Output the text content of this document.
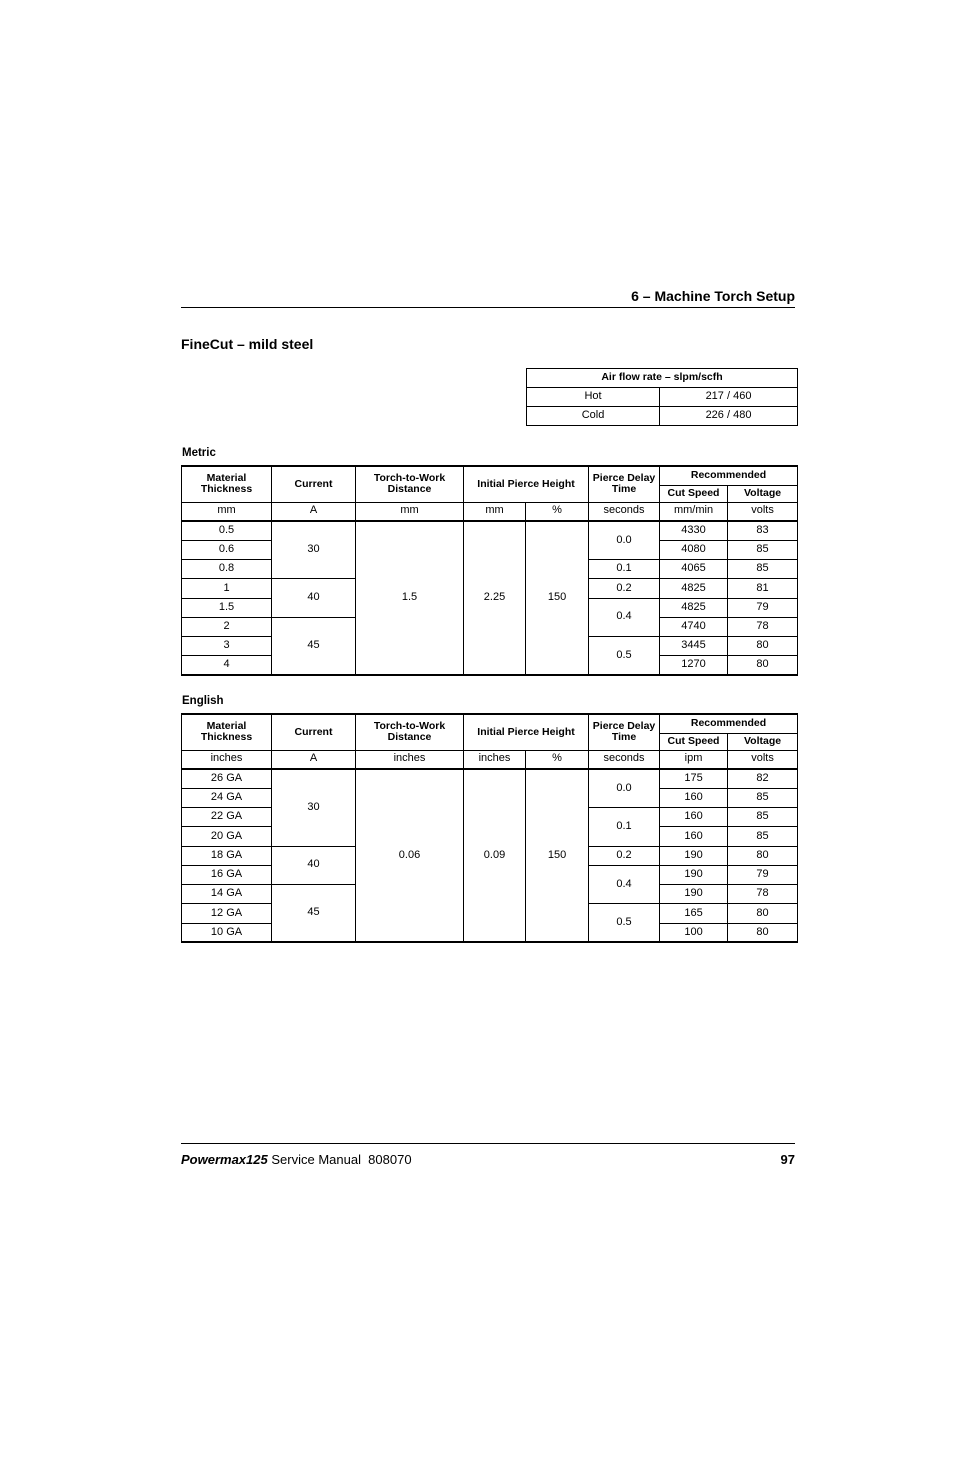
6 – Machine Torch Setup
FineCut – mild steel
Air flow rate – slpm/scfh	
Hot	217 / 460
Cold	226 / 480
Metric
Material Thickness	Current	Torch-to-Work Distance	Initial Pierce Height		Pierce Delay Time	Recommended	
						Cut Speed	Voltage
mm	A	mm	mm	%	seconds	mm/min	volts
0.5	30	1.5	2.25	150	0.0	4330	83
0.6						4080	85
0.8					0.1	4065	85
1	40				0.2	4825	81
1.5					0.4	4825	79
2	45					4740	78
3					0.5	3445	80
4						1270	80
English
Material Thickness	Current	Torch-to-Work Distance	Initial Pierce Height		Pierce Delay Time	Recommended	
						Cut Speed	Voltage
inches	A	inches	inches	%	seconds	ipm	volts
26 GA	30	0.06	0.09	150	0.0	175	82
24 GA						160	85
22 GA					0.1	160	85
20 GA						160	85
18 GA	40				0.2	190	80
16 GA					0.4	190	79
14 GA	45					190	78
12 GA					0.5	165	80
10 GA						100	80
Powermax125 Service Manual  808070	97
